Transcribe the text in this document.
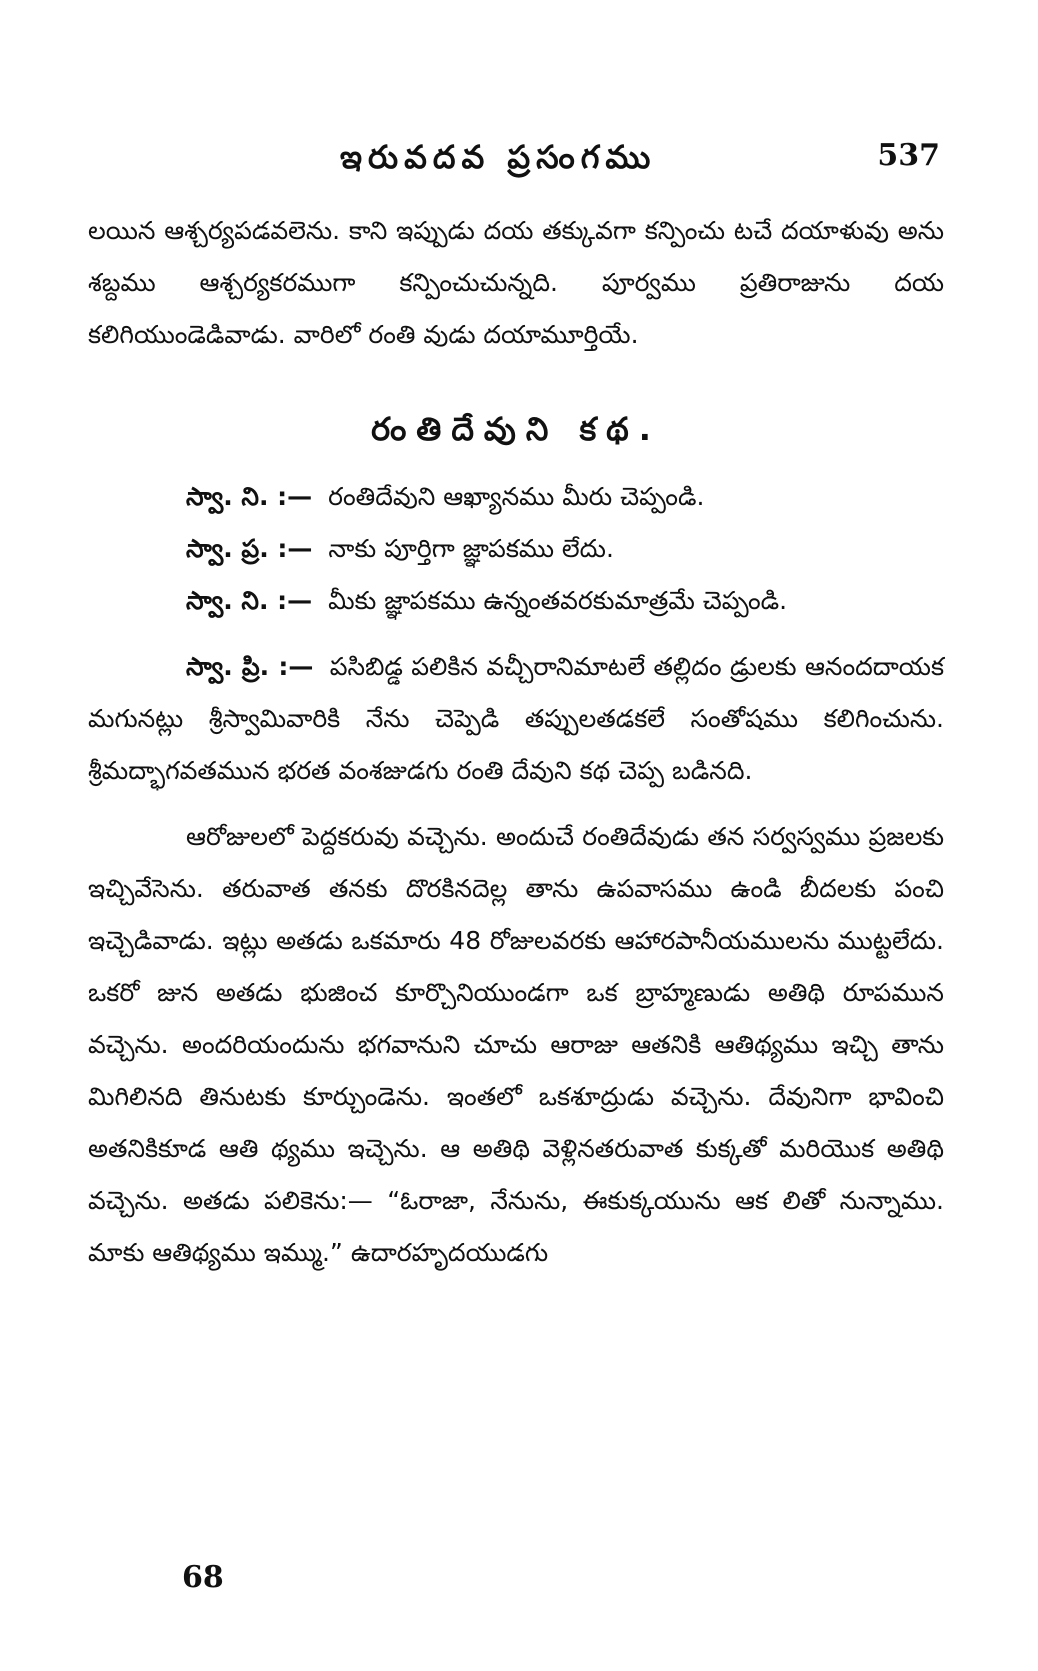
ఇరువదవ ప్రసంగము	537

లయిన ఆశ్చర్యపడవలెను. కాని ఇప్పుడు దయ తక్కువగా కన్పించు టచే దయాళువు అను శబ్దము ఆశ్చర్యకరముగా కన్పించుచున్నది. పూర్వము ప్రతిరాజును దయ కలిగియుండెడివాడు. వారిలో రంతి వుడు దయామూర్తియే.

రంతిదేవుని కథ.

స్వా. ని. :— రంతిదేవుని ఆఖ్యానము మీరు చెప్పండి.

స్వా. ప్ర. :— నాకు పూర్తిగా జ్ఞాపకము లేదు.

స్వా. ని. :— మీకు జ్ఞాపకము ఉన్నంతవరకుమాత్రమే చెప్పండి.

స్వా. ప్రి. :— పసిబిడ్డ పలికిన వచ్చీరానిమాటలే తల్లిదం డ్రులకు ఆనందదాయక మగునట్లు శ్రీస్వామివారికి నేను చెప్పెడి తప్పులతడకలే సంతోషము కలిగించును. శ్రీమద్భాగవతమున భరత వంశజుడగు రంతి దేవుని కథ చెప్ప బడినది.

ఆరోజులలో పెద్దకరువు వచ్చెను. అందుచే రంతిదేవుడు తన సర్వస్వము ప్రజలకు ఇచ్చివేసెను. తరువాత తనకు దొరకినదెల్ల తాను ఉపవాసము ఉండి బీదలకు పంచి ఇచ్చెడివాడు. ఇట్లు అతడు ఒకమారు 48 రోజులవరకు ఆహారపానీయములను ముట్టలేదు. ఒకరో జున అతడు భుజించ కూర్చొనియుండగా ఒక బ్రాహ్మణుడు అతిథి రూపమున వచ్చెను. అందరియందును భగవానుని చూచు ఆరాజు ఆతనికి ఆతిథ్యము ఇచ్చి తాను మిగిలినది తినుటకు కూర్చుండెను. ఇంతలో ఒకశూద్రుడు వచ్చెను. దేవునిగా భావించి అతనికికూడ ఆతి థ్యము ఇచ్చెను. ఆ అతిథి వెళ్లినతరువాత కుక్కతో మరియొక అతిథి వచ్చెను. అతడు పలికెను:— “ఓరాజా, నేనును, ఈకుక్కయును ఆక లితో నున్నాము. మాకు ఆతిథ్యము ఇమ్ము.” ఉదారహృదయుడగు

68
